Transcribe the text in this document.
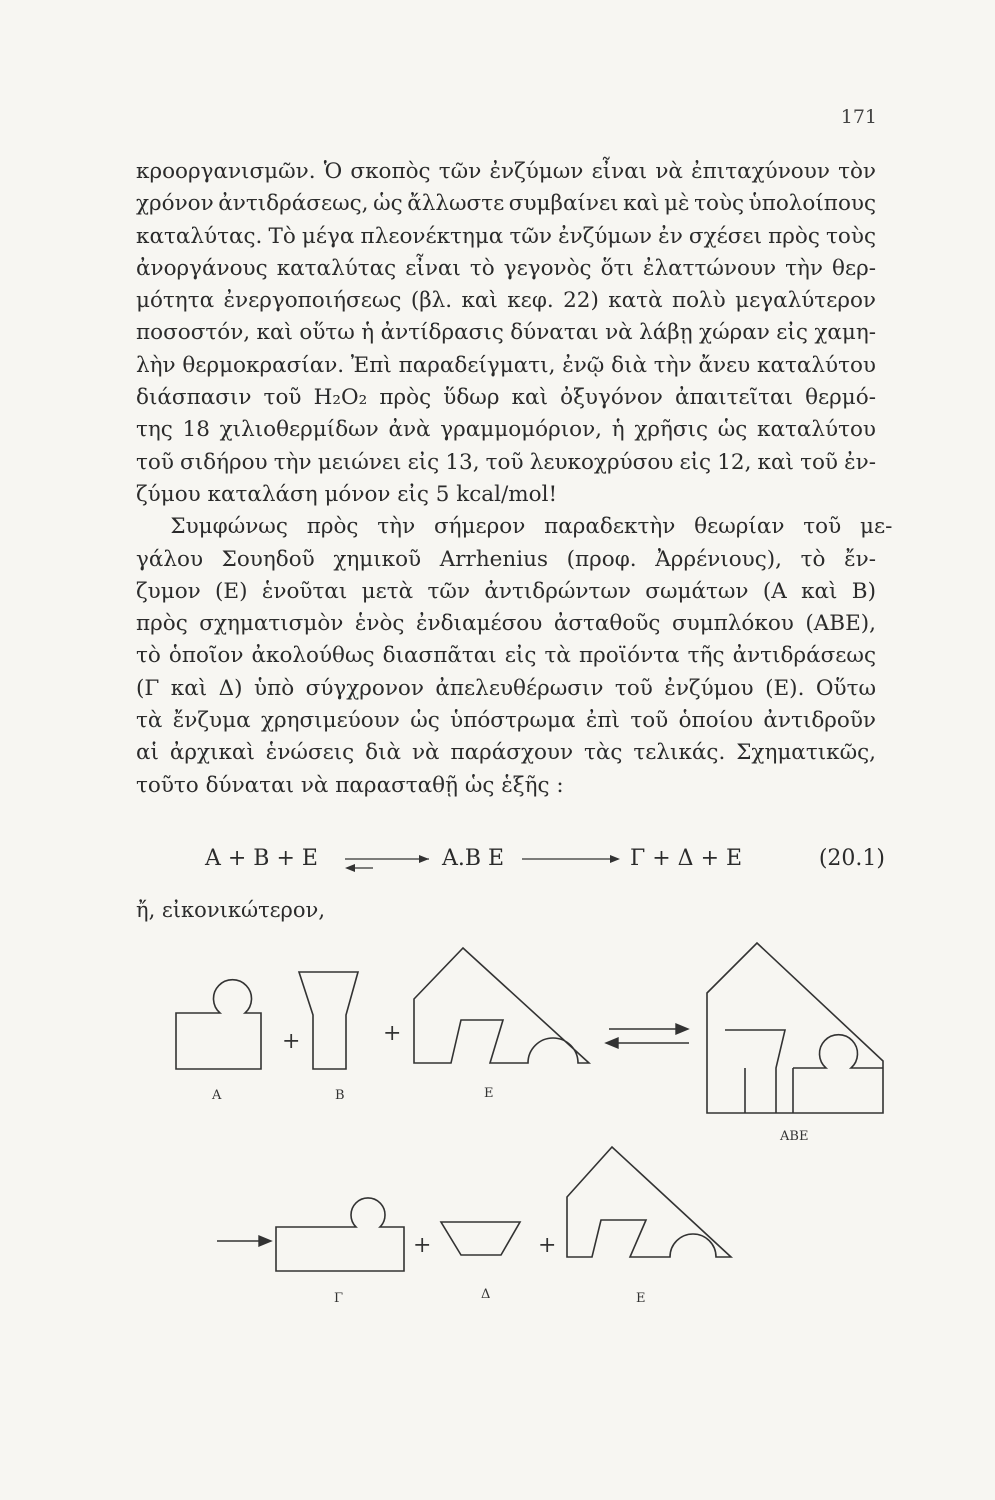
171

κροοργανισμῶν. Ὁ σκοπὸς τῶν ἐνζύμων εἶναι νὰ ἐπιταχύνουν τὸν
χρόνον ἀντιδράσεως, ὡς ἄλλωστε συμβαίνει καὶ μὲ τοὺς ὑπολοίπους
καταλύτας. Τὸ μέγα πλεονέκτημα τῶν ἐνζύμων ἐν σχέσει πρὸς τοὺς
ἀνοργάνους καταλύτας εἶναι τὸ γεγονὸς ὅτι ἐλαττώνουν τὴν θερ-
μότητα ἐνεργοποιήσεως (βλ. καὶ κεφ. 22) κατὰ πολὺ μεγαλύτερον
ποσοστόν, καὶ οὕτω ἡ ἀντίδρασις δύναται νὰ λάβῃ χώραν εἰς χαμη-
λὴν θερμοκρασίαν. Ἐπὶ παραδείγματι, ἐνῷ διὰ τὴν ἄνευ καταλύτου
διάσπασιν τοῦ H₂O₂ πρὸς ὕδωρ καὶ ὀξυγόνον ἀπαιτεῖται θερμό-
της 18 χιλιοθερμίδων ἀνὰ γραμμομόριον, ἡ χρῆσις ὡς καταλύτου
τοῦ σιδήρου τὴν μειώνει εἰς 13, τοῦ λευκοχρύσου εἰς 12, καὶ τοῦ ἐν-
ζύμου καταλάση μόνον εἰς 5 kcal/mol!

Συμφώνως πρὸς τὴν σήμερον παραδεκτὴν θεωρίαν τοῦ με-
γάλου Σουηδοῦ χημικοῦ Arrhenius (προφ. Ἀρρένιους), τὸ ἔν-
ζυμον (Ε) ἑνοῦται μετὰ τῶν ἀντιδρώντων σωμάτων (Α καὶ Β)
πρὸς σχηματισμὸν ἑνὸς ἐνδιαμέσου ἀσταθοῦς συμπλόκου (ΑΒΕ),
τὸ ὁποῖον ἀκολούθως διασπᾶται εἰς τὰ προϊόντα τῆς ἀντιδράσεως
(Γ καὶ Δ) ὑπὸ σύγχρονον ἀπελευθέρωσιν τοῦ ἐνζύμου (Ε). Οὕτω
τὰ ἔνζυμα χρησιμεύουν ὡς ὑπόστρωμα ἐπὶ τοῦ ὁποίου ἀντιδροῦν
αἱ ἀρχικαὶ ἑνώσεις διὰ νὰ παράσχουν τὰς τελικάς. Σχηματικῶς,
τοῦτο δύναται νὰ παρασταθῇ ὡς ἑξῆς :

Α + Β + Ε	Α.Β Ε	Γ + Δ + Ε	(20.1)
ἤ, εἰκονικώτερον,
+	+
+	+
A	B	E
ABE
Γ	Δ	E
